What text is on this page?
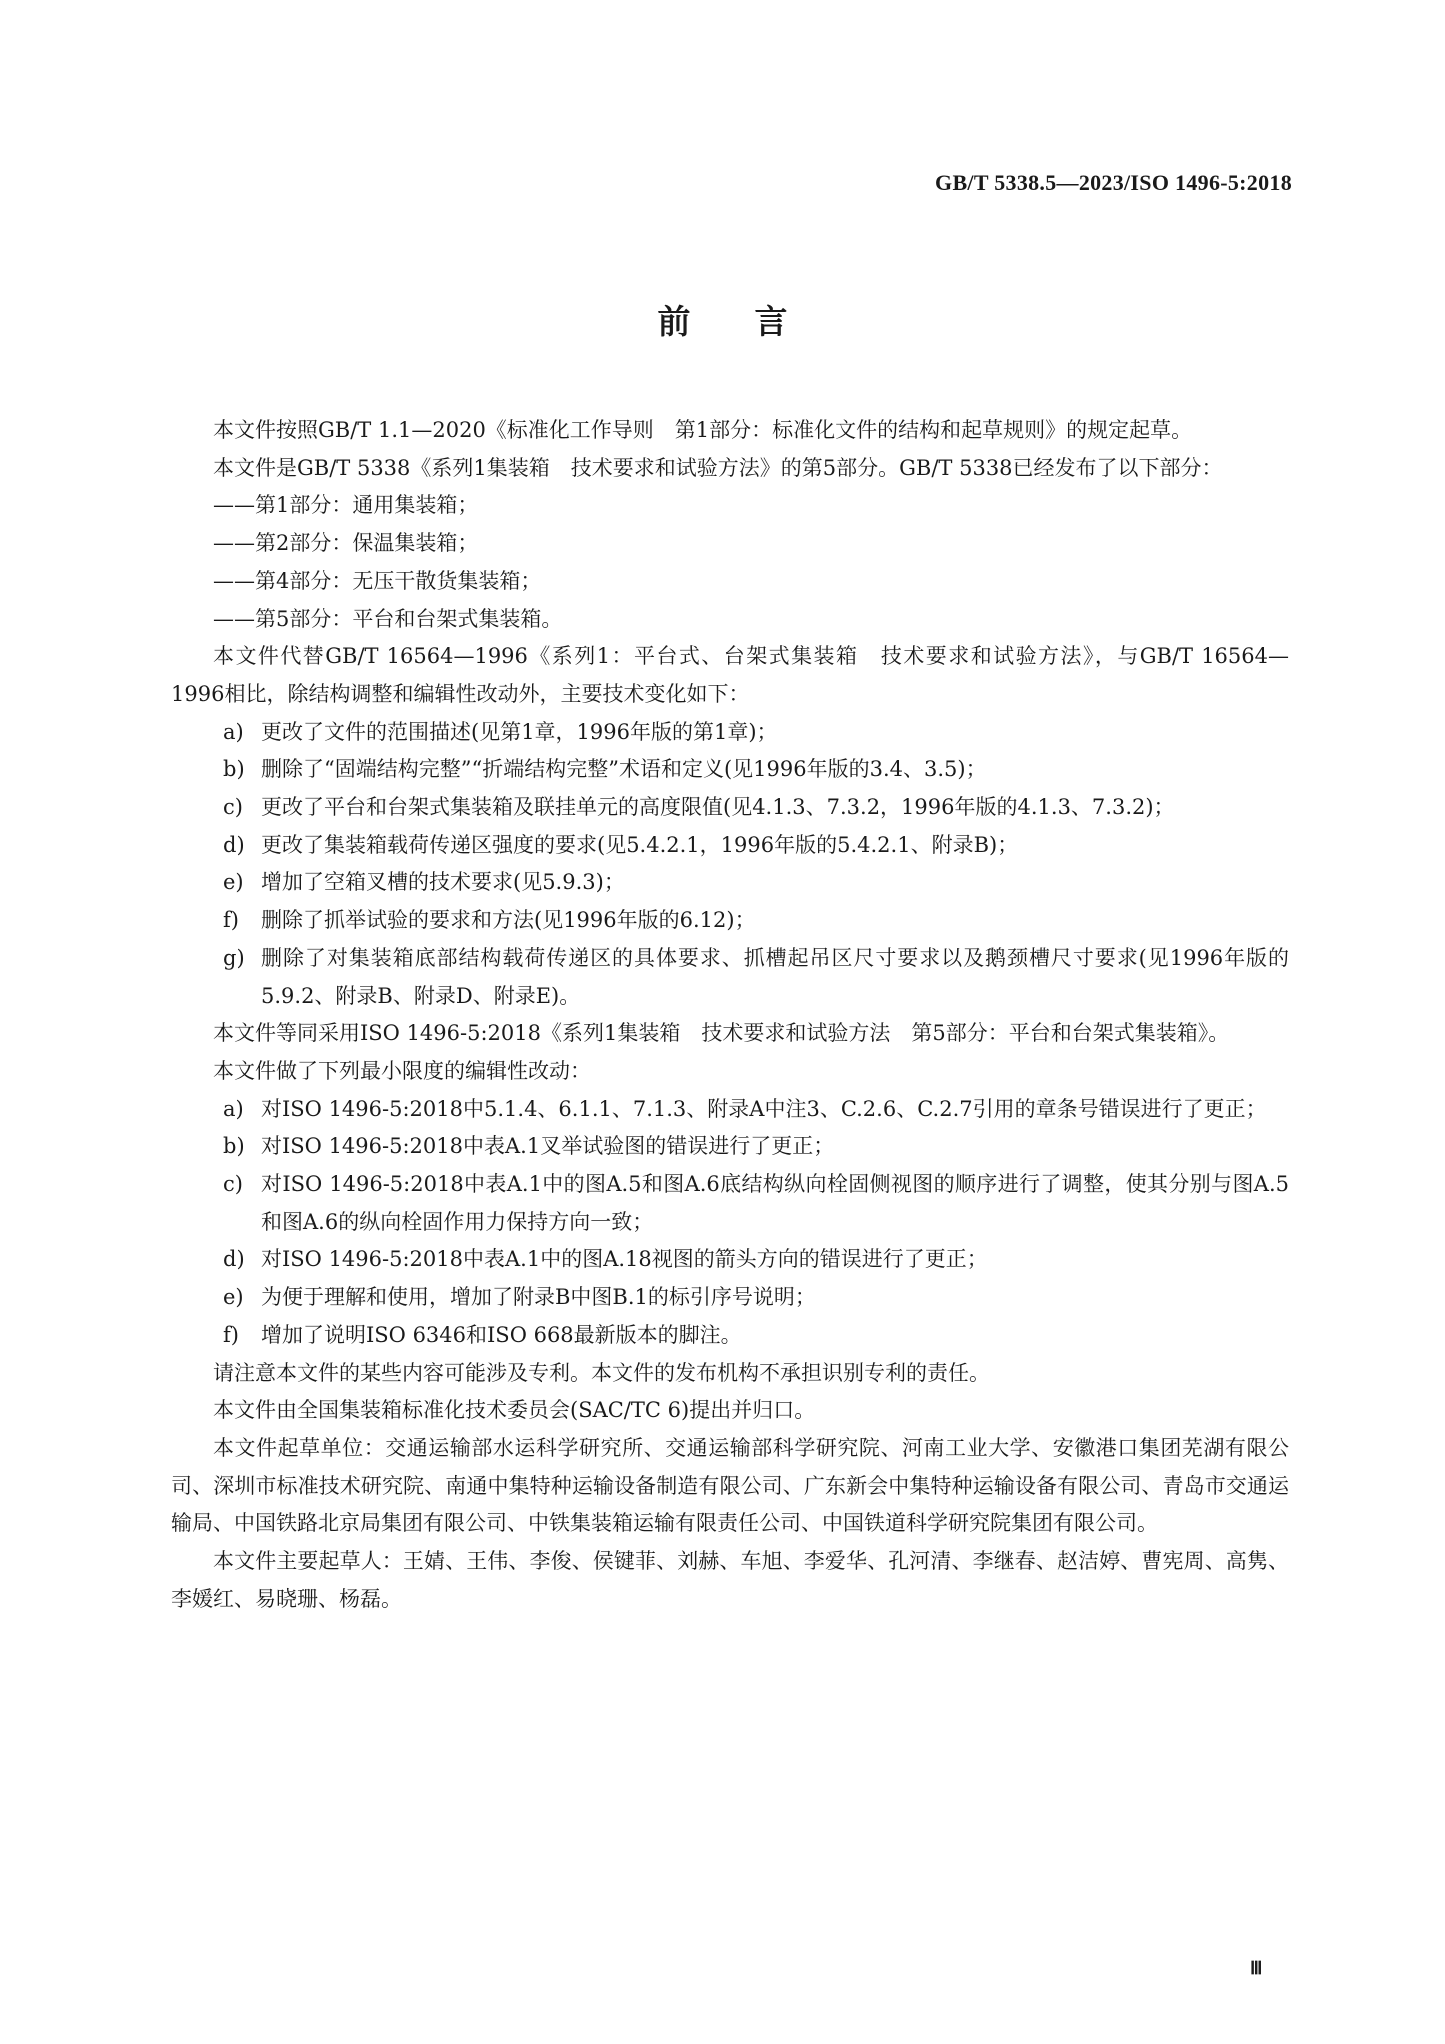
GB/T 5338.5—2023/ISO 1496-5:2018
前言

本文件按照GB/T 1.1—2020《标准化工作导则　第1部分：标准化文件的结构和起草规则》的规定起草。

本文件是GB/T 5338《系列1集装箱　技术要求和试验方法》的第5部分。GB/T 5338已经发布了以下部分：

——第1部分：通用集装箱；

——第2部分：保温集装箱；

——第4部分：无压干散货集装箱；

——第5部分：平台和台架式集装箱。

本文件代替GB/T 16564—1996《系列1：平台式、台架式集装箱　技术要求和试验方法》，与GB/T 16564—1996相比，除结构调整和编辑性改动外，主要技术变化如下：

a) 更改了文件的范围描述(见第1章，1996年版的第1章)；

b) 删除了“固端结构完整”“折端结构完整”术语和定义(见1996年版的3.4、3.5)；

c) 更改了平台和台架式集装箱及联挂单元的高度限值(见4.1.3、7.3.2，1996年版的4.1.3、7.3.2)；

d) 更改了集装箱载荷传递区强度的要求(见5.4.2.1，1996年版的5.4.2.1、附录B)；

e) 增加了空箱叉槽的技术要求(见5.9.3)；

f) 删除了抓举试验的要求和方法(见1996年版的6.12)；

g) 删除了对集装箱底部结构载荷传递区的具体要求、抓槽起吊区尺寸要求以及鹅颈槽尺寸要求(见1996年版的5.9.2、附录B、附录D、附录E)。

本文件等同采用ISO 1496-5:2018《系列1集装箱　技术要求和试验方法　第5部分：平台和台架式集装箱》。

本文件做了下列最小限度的编辑性改动：

a) 对ISO 1496-5:2018中5.1.4、6.1.1、7.1.3、附录A中注3、C.2.6、C.2.7引用的章条号错误进行了更正；

b) 对ISO 1496-5:2018中表A.1叉举试验图的错误进行了更正；

c) 对ISO 1496-5:2018中表A.1中的图A.5和图A.6底结构纵向栓固侧视图的顺序进行了调整，使其分别与图A.5和图A.6的纵向栓固作用力保持方向一致；

d) 对ISO 1496-5:2018中表A.1中的图A.18视图的箭头方向的错误进行了更正；

e) 为便于理解和使用，增加了附录B中图B.1的标引序号说明；

f) 增加了说明ISO 6346和ISO 668最新版本的脚注。

请注意本文件的某些内容可能涉及专利。本文件的发布机构不承担识别专利的责任。

本文件由全国集装箱标准化技术委员会(SAC/TC 6)提出并归口。

本文件起草单位：交通运输部水运科学研究所、交通运输部科学研究院、河南工业大学、安徽港口集团芜湖有限公司、深圳市标准技术研究院、南通中集特种运输设备制造有限公司、广东新会中集特种运输设备有限公司、青岛市交通运输局、中国铁路北京局集团有限公司、中铁集装箱运输有限责任公司、中国铁道科学研究院集团有限公司。

本文件主要起草人：王婧、王伟、李俊、侯键菲、刘赫、车旭、李爱华、孔河清、李继春、赵洁婷、曹宪周、高隽、李媛红、易晓珊、杨磊。

Ⅲ
